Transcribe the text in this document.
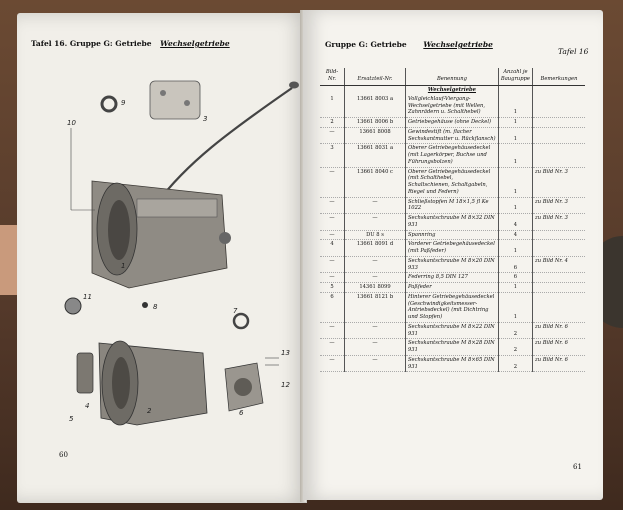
Tafel 16. Gruppe G: Getriebe Wechselgetriebe
1
2
3
4
5
6
7
8
9
10
11
12
13
60
Gruppe G: Getriebe Wechselgetriebe
Tafel 16
Bild-Nr.	Ersatzteil-Nr.	Benennung	Anzahl je Baugruppe	Bemerkungen
		Wechselgetriebe		
1	13661 8003 a	Vollgleichlauf-Viergang-Wechselgetriebe (mit Wellen, Zahnrädern u. Schalthebel)	1	
2	13661 8006 b	Getriebegehäuse (ohne Deckel)	1	
—	13661 8008	Gewindestift (m. flacher Sechskantmutter u. Rückflansch)	1	
3	13661 8031 a	Oberer Getriebegehäusedeckel (mit Lagerkörper, Buchse und Führungsbolzen)	1	
—	13661 8040 c	Oberer Getriebegehäusedeckel (mit Schalthebel, Schaltschienen, Schaltgabeln, Riegel und Federn)	1	zu Bild Nr. 3
—	—	Schließstopfen M 18×1,5 fl Ke 1022	1	zu Bild Nr. 3
—	—	Sechskantschraube M 8×32 DIN 931	4	zu Bild Nr. 3
—	DU 8 s	Spannring	4	
4	13661 8091 d	Vorderer Getriebegehäusedeckel (mit Paßfeder)	1	
—	—	Sechskantschraube M 8×20 DIN 933	6	zu Bild Nr. 4
—	—	Federring 8,5 DIN 127	6	
5	14361 8099	Paßfeder	1	
6	13661 8121 b	Hinterer Getriebegehäusedeckel (Geschwindigkeitsmesser-Antriebsdeckel) (mit Dichtring und Stopfen)	1	
—	—	Sechskantschraube M 8×22 DIN 931	2	zu Bild Nr. 6
—	—	Sechskantschraube M 8×28 DIN 931	2	zu Bild Nr. 6
—	—	Sechskantschraube M 8×65 DIN 931	2	zu Bild Nr. 6
61
